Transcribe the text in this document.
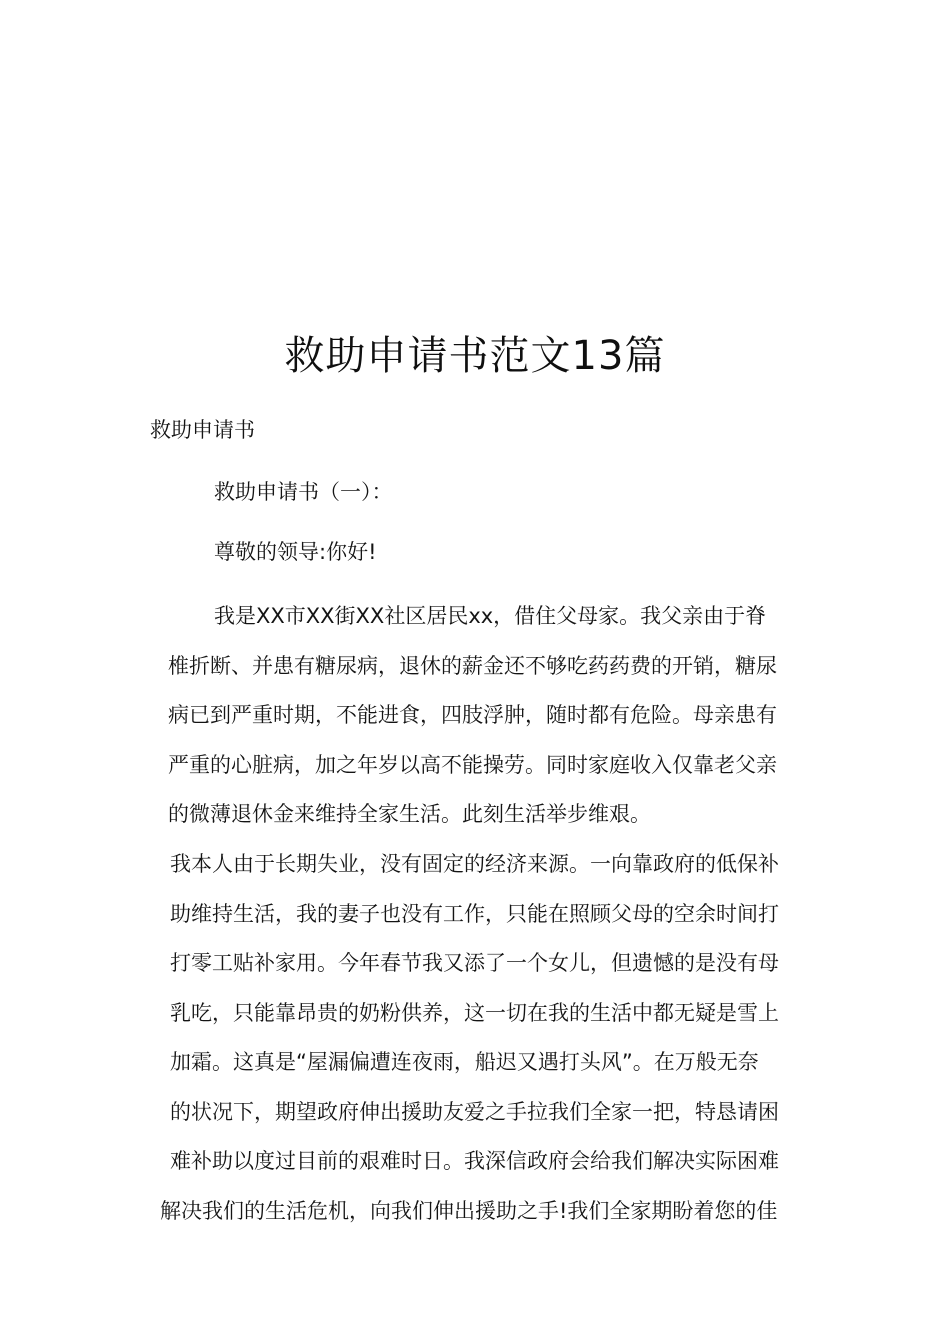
救助申请书范文13篇
救助申请书
救助申请书（一）：
尊敬的领导:你好!
我是XX市XX街XX社区居民xx，借住父母家。我父亲由于脊
椎折断、并患有糖尿病，退休的薪金还不够吃药药费的开销，糖尿
病已到严重时期，不能进食，四肢浮肿，随时都有危险。母亲患有
严重的心脏病，加之年岁以高不能操劳。同时家庭收入仅靠老父亲
的微薄退休金来维持全家生活。此刻生活举步维艰。
我本人由于长期失业，没有固定的经济来源。一向靠政府的低保补
助维持生活，我的妻子也没有工作，只能在照顾父母的空余时间打
打零工贴补家用。今年春节我又添了一个女儿，但遗憾的是没有母
乳吃，只能靠昂贵的奶粉供养，这一切在我的生活中都无疑是雪上
加霜。这真是“屋漏偏遭连夜雨，船迟又遇打头风”。在万般无奈
的状况下，期望政府伸出援助友爱之手拉我们全家一把，特恳请困
难补助以度过目前的艰难时日。我深信政府会给我们解决实际困难
解决我们的生活危机，向我们伸出援助之手!我们全家期盼着您的佳
